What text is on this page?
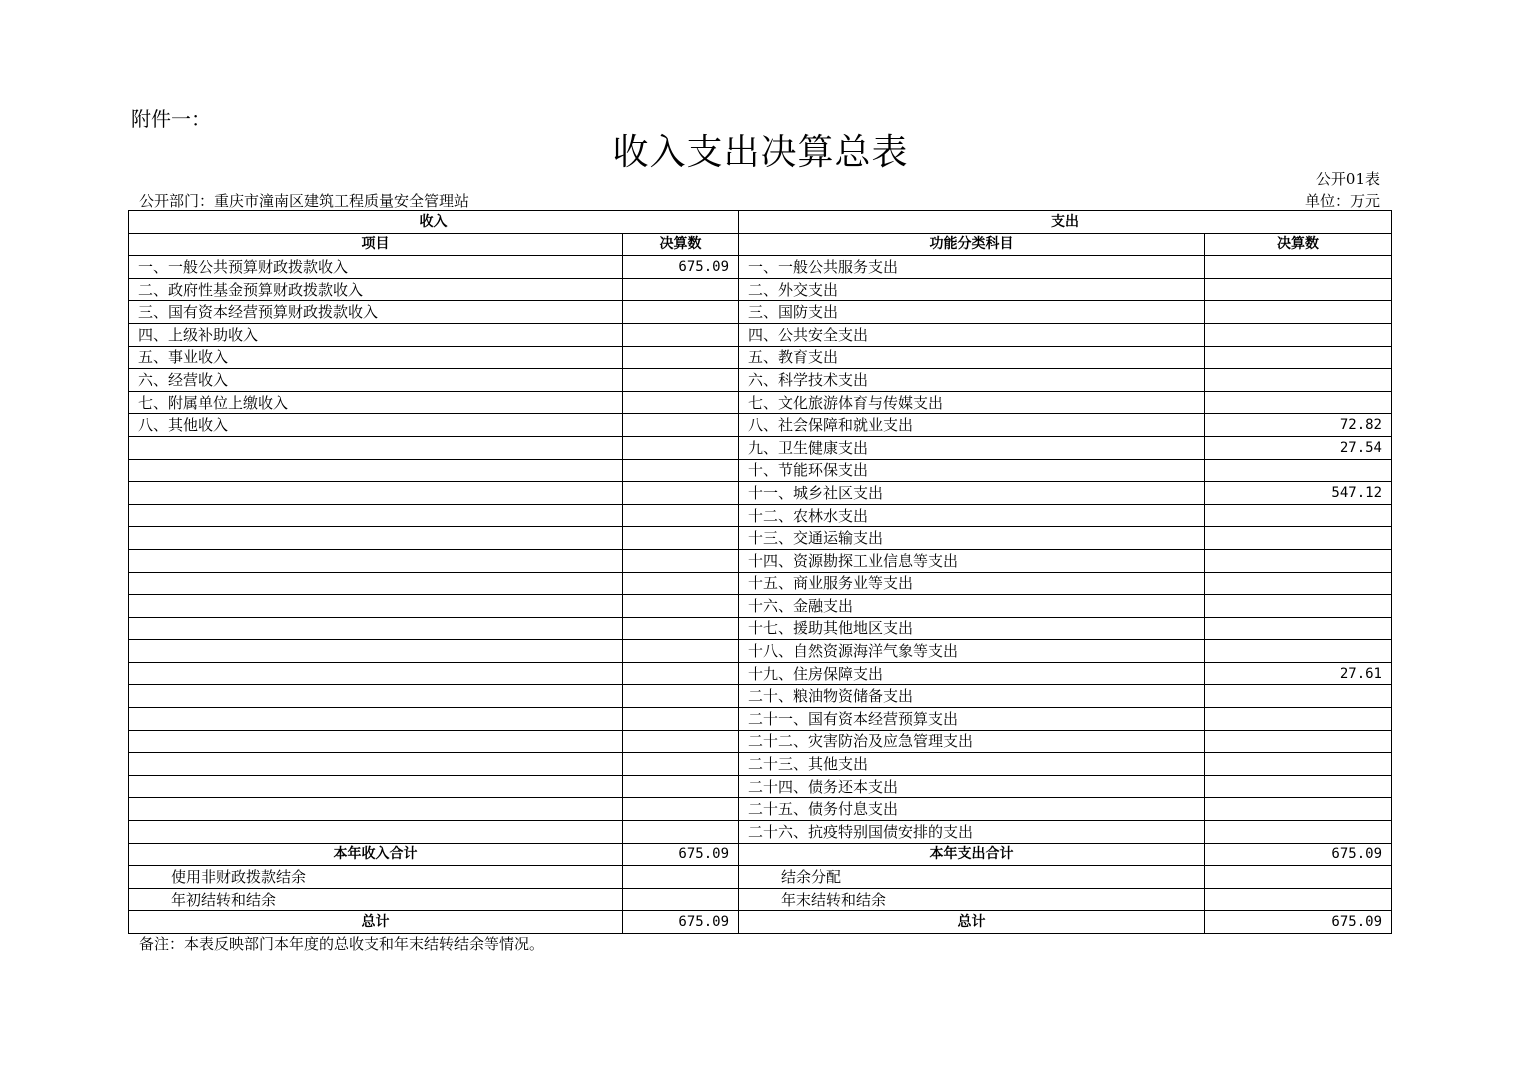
附件一：
收入支出决算总表
公开01表
公开部门：重庆市潼南区建筑工程质量安全管理站	单位：万元
收入		支出	
项目	决算数	功能分类科目	决算数
一、一般公共预算财政拨款收入	675.09	一、一般公共服务支出	
二、政府性基金预算财政拨款收入		二、外交支出	
三、国有资本经营预算财政拨款收入		三、国防支出	
四、上级补助收入		四、公共安全支出	
五、事业收入		五、教育支出	
六、经营收入		六、科学技术支出	
七、附属单位上缴收入		七、文化旅游体育与传媒支出	
八、其他收入		八、社会保障和就业支出	72.82
		九、卫生健康支出	27.54
		十、节能环保支出	
		十一、城乡社区支出	547.12
		十二、农林水支出	
		十三、交通运输支出	
		十四、资源勘探工业信息等支出	
		十五、商业服务业等支出	
		十六、金融支出	
		十七、援助其他地区支出	
		十八、自然资源海洋气象等支出	
		十九、住房保障支出	27.61
		二十、粮油物资储备支出	
		二十一、国有资本经营预算支出	
		二十二、灾害防治及应急管理支出	
		二十三、其他支出	
		二十四、债务还本支出	
		二十五、债务付息支出	
		二十六、抗疫特别国债安排的支出	
本年收入合计	675.09	本年支出合计	675.09
使用非财政拨款结余		结余分配	
年初结转和结余		年末结转和结余	
总计	675.09	总计	675.09
备注：本表反映部门本年度的总收支和年末结转结余等情况。
